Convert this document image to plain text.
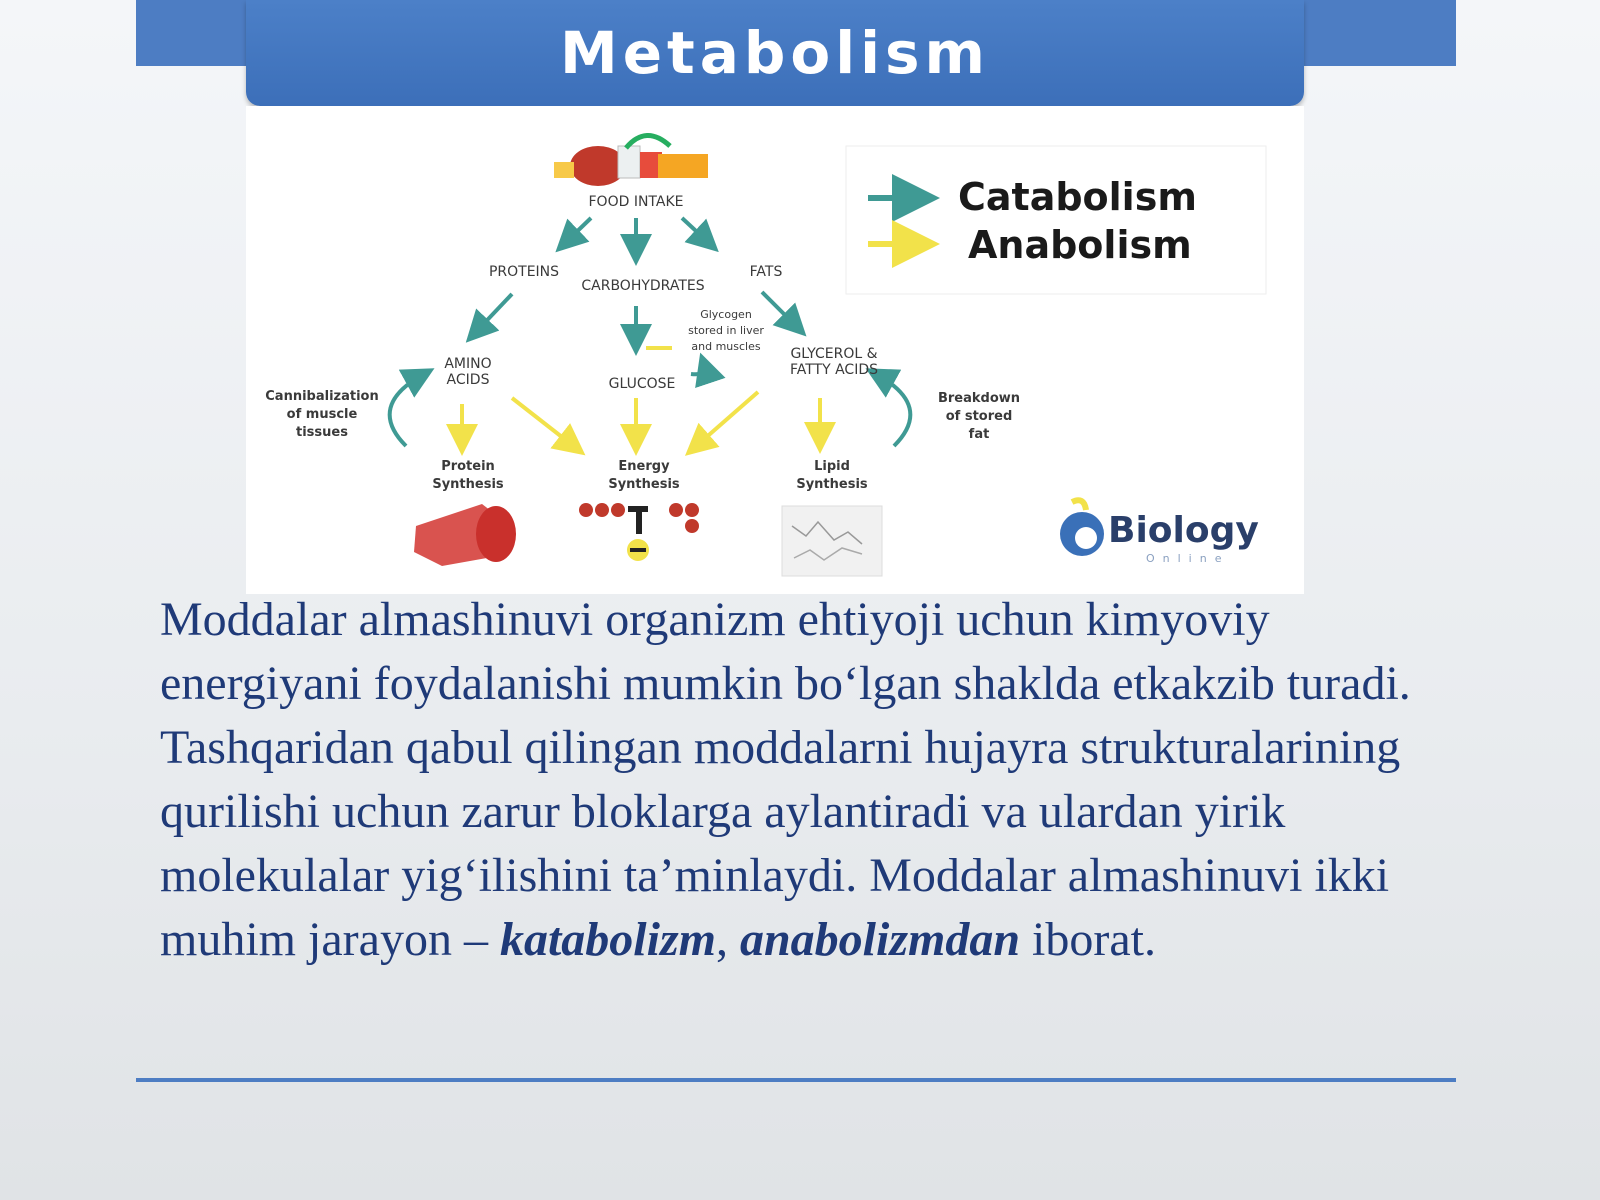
Metabolism
FOOD INTAKE
PROTEINS
CARBOHYDRATES
FATS
Glycogen
stored in liver
and muscles
AMINO
ACIDS	GLUCOSE
GLYCEROL &
FATTY ACIDS
Cannibalization
of muscle
tissues
Breakdown
of stored
fat
Protein
Synthesis
Energy
Synthesis
Lipid
Synthesis
Catabolism
Anabolism
Biology
Online

Moddalar almashinuvi organizm ehtiyoji uchun kimyoviy energiyani foydalanishi mumkin bo‘lgan shaklda etkakzib turadi. Tashqaridan qabul qilingan moddalarni hujayra strukturalarining qurilishi uchun zarur bloklarga aylantiradi va ulardan yirik molekulalar yig‘ilishini ta’minlaydi. Moddalar almashinuvi ikki muhim jarayon – katabolizm, anabolizmdan iborat.
